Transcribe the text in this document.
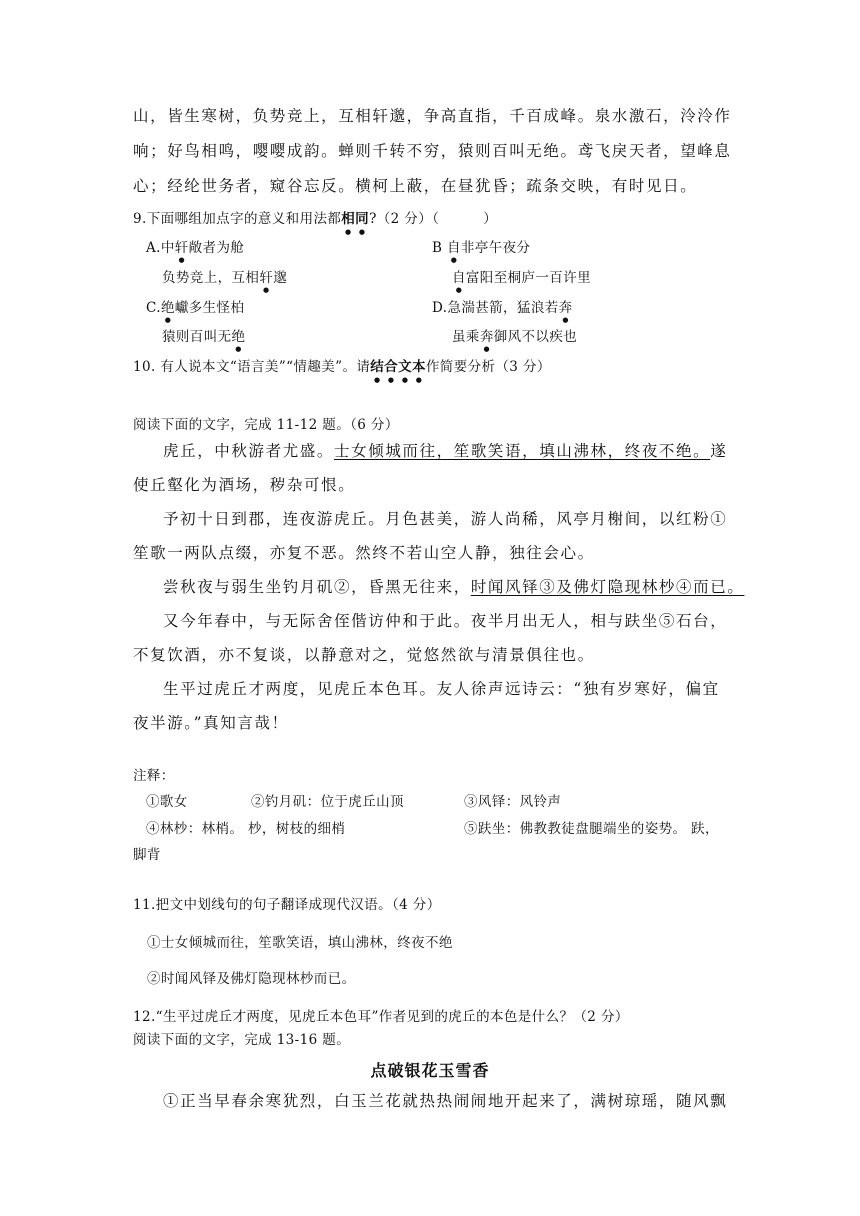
山，皆生寒树，负势竞上，互相轩邈，争高直指，千百成峰。泉水激石，泠泠作
响；好鸟相鸣，嘤嘤成韵。蝉则千转不穷，猿则百叫无绝。鸢飞戾天者，望峰息
心；经纶世务者，窥谷忘反。横柯上蔽，在昼犹昏；疏条交映，有时见日。
9.下面哪组加点字的意义和用法都相同?（2 分）（	）
A.中轩敞者为舱	B 自非亭午夜分
负势竞上，互相轩邈	自富阳至桐庐一百许里
C.绝巘多生怪柏	D.急湍甚箭，猛浪若奔
猿则百叫无绝	虽乘奔御风不以疾也
10. 有人说本文“语言美”“情趣美”。请结合文本作简要分析（3 分）
阅读下面的文字，完成 11-12 题。（6 分）
虎丘，中秋游者尤盛。士女倾城而往，笙歌笑语，填山沸林，终夜不绝。遂
使丘壑化为酒场，秽杂可恨。
予初十日到郡，连夜游虎丘。月色甚美，游人尚稀，风亭月榭间，以红粉①
笙歌一两队点缀，亦复不恶。然终不若山空人静，独往会心。
尝秋夜与弱生坐钓月矶②，昏黑无往来，时闻风铎③及佛灯隐现林杪④而已。
又今年春中，与无际舍侄偕访仲和于此。夜半月出无人，相与趺坐⑤石台，
不复饮酒，亦不复谈，以静意对之，觉悠然欲与清景俱往也。
生平过虎丘才两度，见虎丘本色耳。友人徐声远诗云：“独有岁寒好，偏宜
夜半游。”真知言哉！
注释：
①歌女	②钓月矶：位于虎丘山顶	③风铎：风铃声
④林杪：林梢。 杪，树枝的细梢	⑤趺坐：佛教教徒盘腿端坐的姿势。 趺，
脚背
11.把文中划线句的句子翻译成现代汉语。（4 分）
①士女倾城而往，笙歌笑语，填山沸林，终夜不绝
②时闻风铎及佛灯隐现林杪而已。
12.“生平过虎丘才两度，见虎丘本色耳”作者见到的虎丘的本色是什么？（2 分）
阅读下面的文字，完成 13-16 题。
点破银花玉雪香
①正当早春余寒犹烈，白玉兰花就热热闹闹地开起来了，满树琼瑶，随风飘
